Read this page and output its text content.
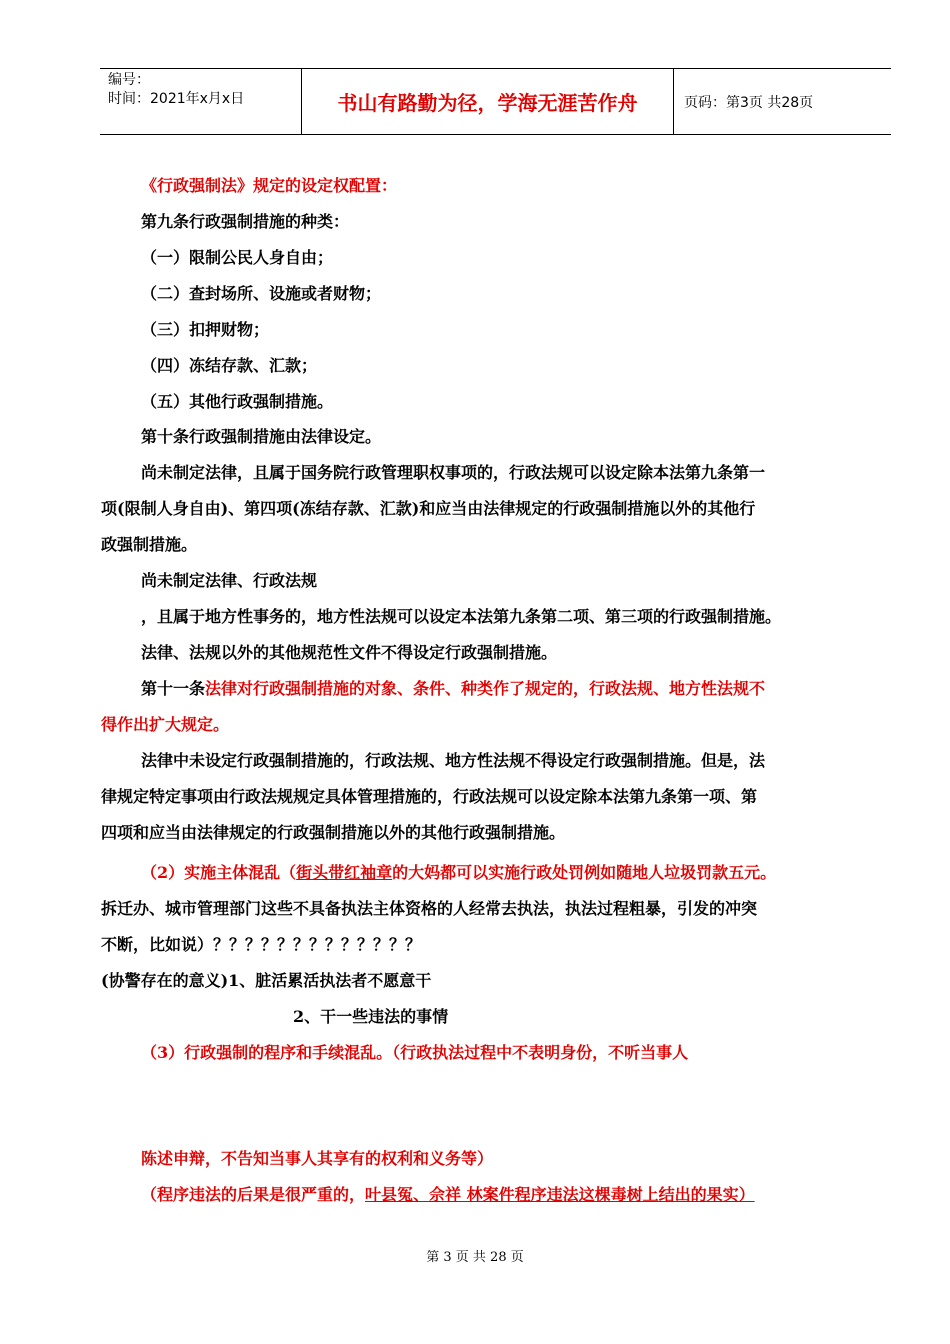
编号：
时间：2021年x月x日	书山有路勤为径，学海无涯苦作舟	页码：第3页 共28页
《行政强制法》规定的设定权配置：
第九条行政强制措施的种类：
（一）限制公民人身自由；
（二）查封场所、设施或者财物；
（三）扣押财物；
（四）冻结存款、汇款；
（五）其他行政强制措施。
第十条行政强制措施由法律设定。
尚未制定法律，且属于国务院行政管理职权事项的，行政法规可以设定除本法第九条第一
项(限制人身自由)、第四项(冻结存款、汇款)和应当由法律规定的行政强制措施以外的其他行
政强制措施。
尚未制定法律、行政法规
，且属于地方性事务的，地方性法规可以设定本法第九条第二项、第三项的行政强制措施。
法律、法规以外的其他规范性文件不得设定行政强制措施。
第十一条法律对行政强制措施的对象、条件、种类作了规定的，行政法规、地方性法规不
得作出扩大规定。
法律中未设定行政强制措施的，行政法规、地方性法规不得设定行政强制措施。但是，法
律规定特定事项由行政法规规定具体管理措施的，行政法规可以设定除本法第九条第一项、第
四项和应当由法律规定的行政强制措施以外的其他行政强制措施。
（2）实施主体混乱（街头带红袖章的大妈都可以实施行政处罚例如随地人垃圾罚款五元。
拆迁办、城市管理部门这些不具备执法主体资格的人经常去执法，执法过程粗暴，引发的冲突
不断，比如说）？？？？？？？？？？？？？
(协警存在的意义)1、脏活累活执法者不愿意干
2、干一些违法的事情
（3）行政强制的程序和手续混乱。（行政执法过程中不表明身份，不听当事人
陈述申辩，不告知当事人其享有的权利和义务等）
（程序违法的后果是很严重的，叶县冤、佘祥 林案件程序违法这棵毒树上结出的果实）
第 3 页 共 28 页
